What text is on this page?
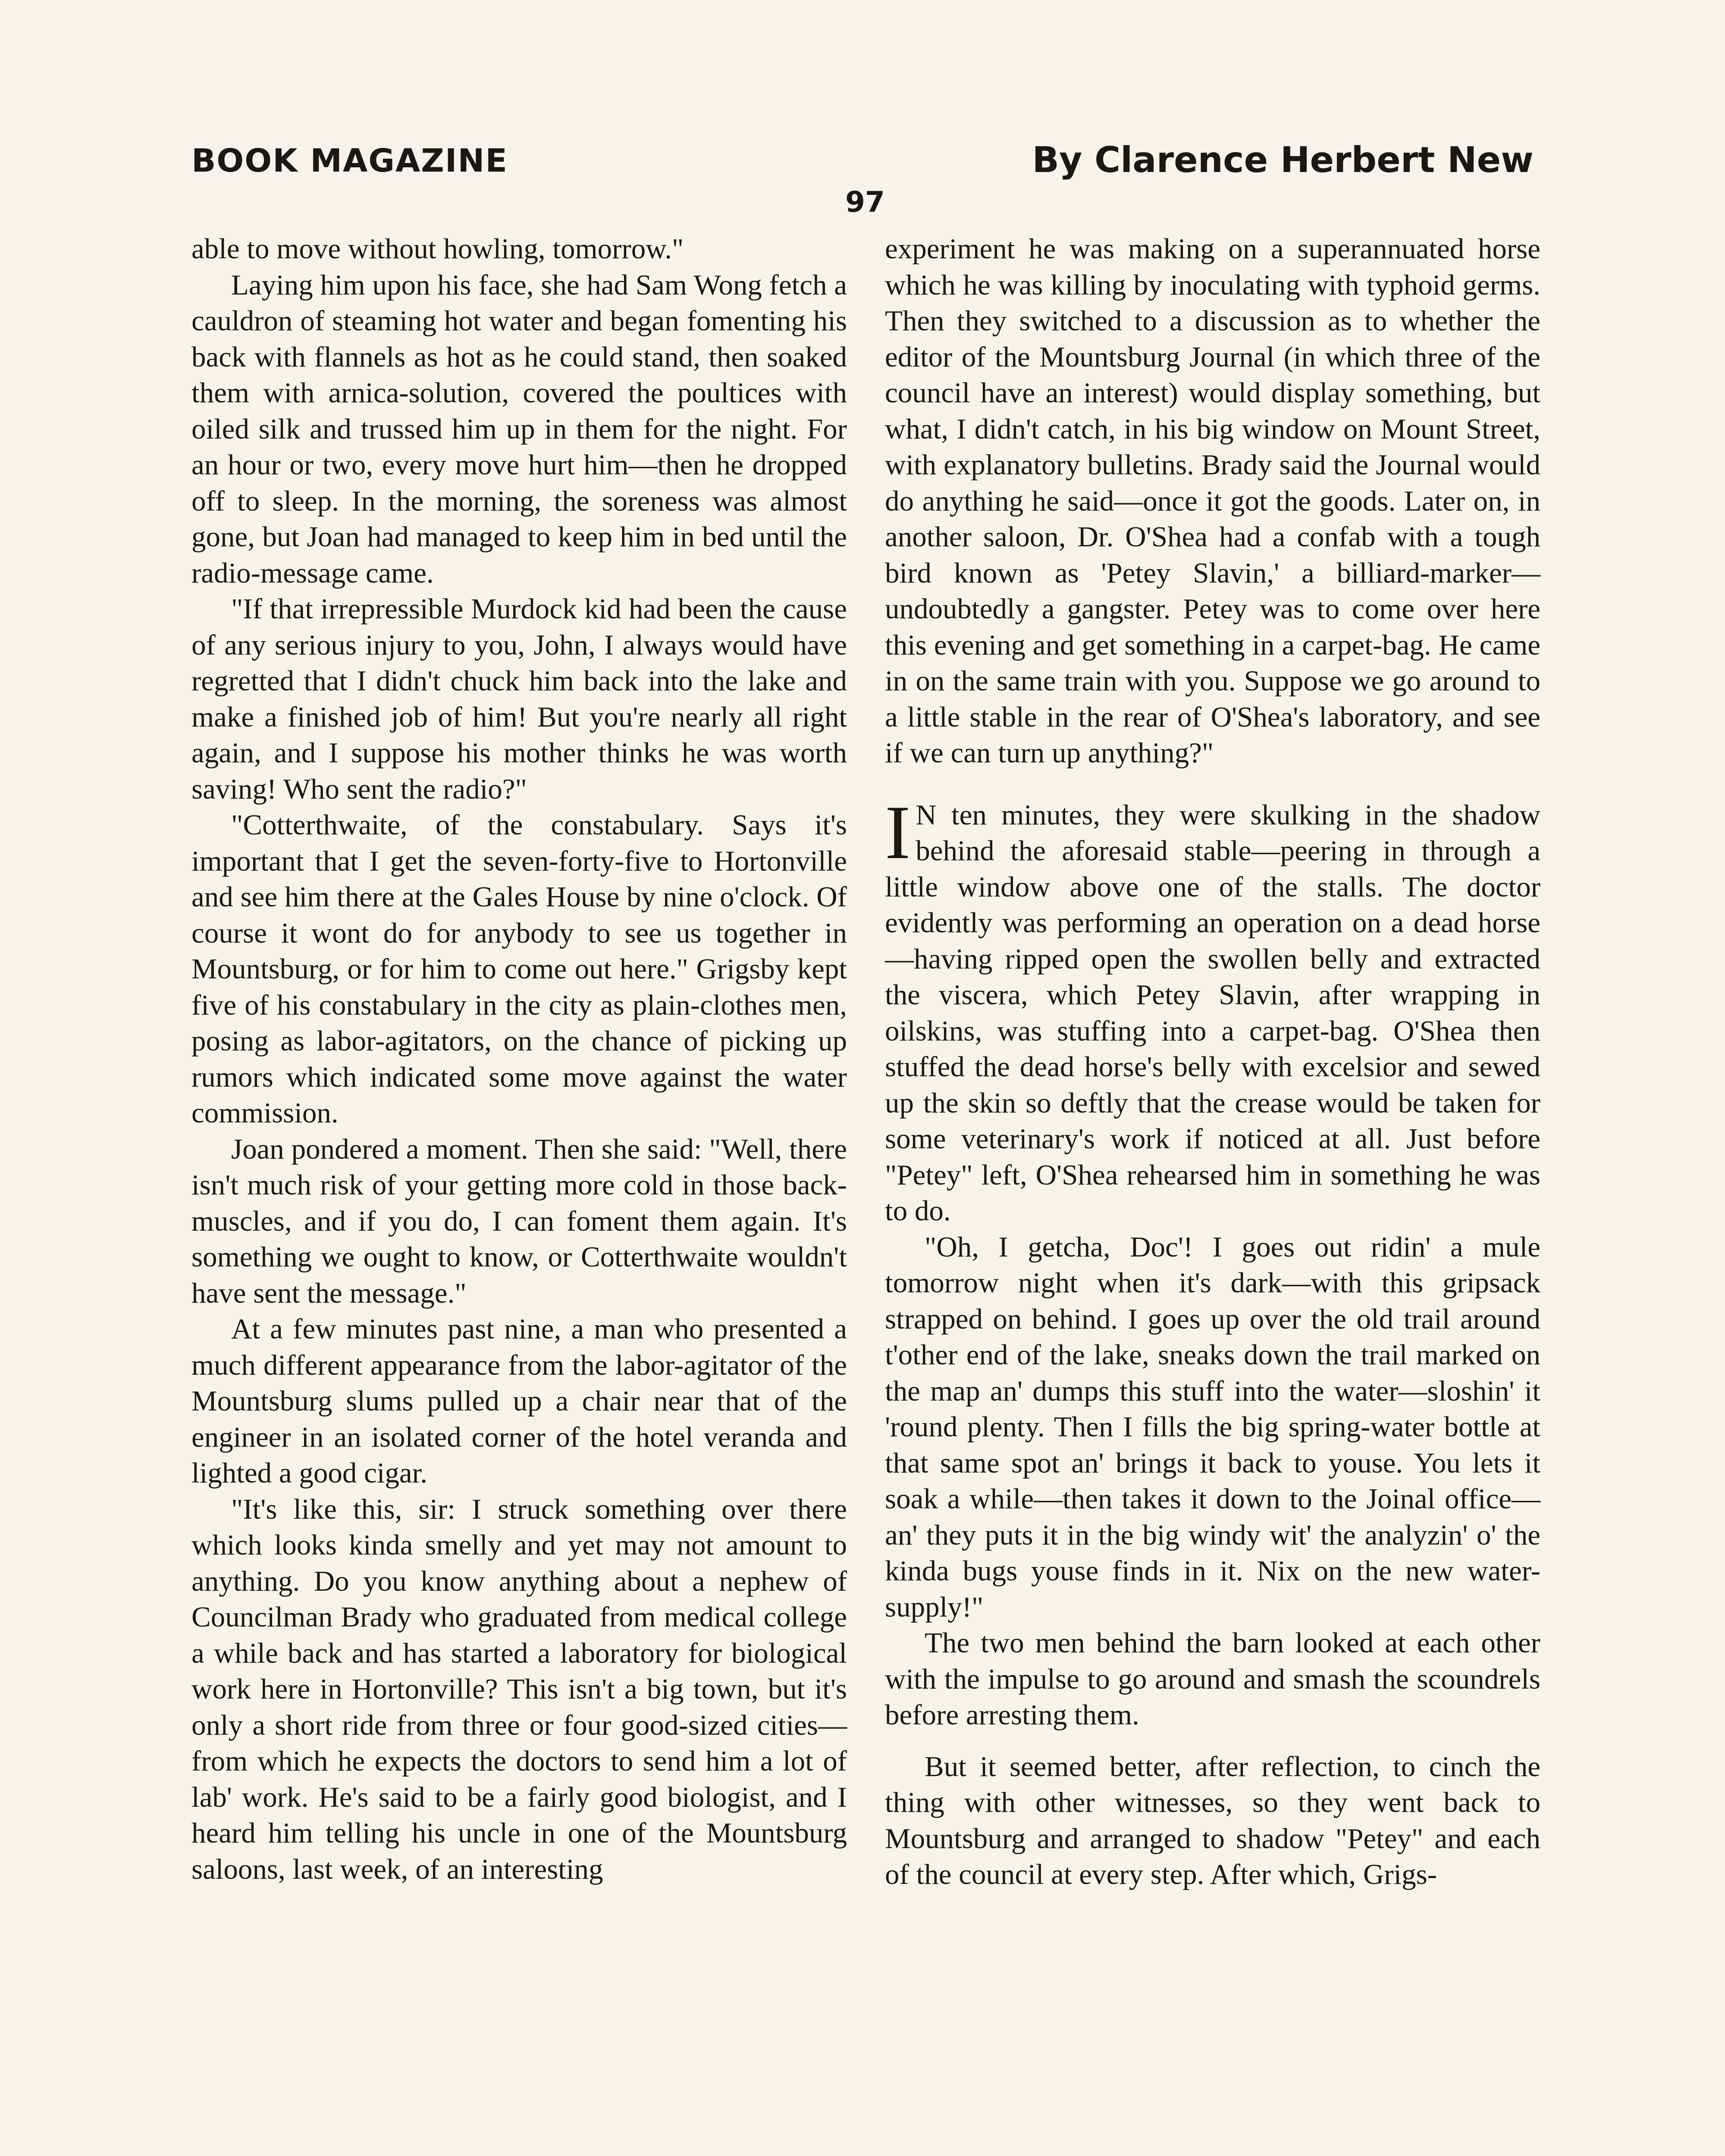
BOOK MAGAZINE	By Clarence Herbert New
97

able to move without howling, tomorrow."

Laying him upon his face, she had Sam Wong fetch a cauldron of steaming hot water and began fomenting his back with flannels as hot as he could stand, then soaked them with arnica-solution, covered the poultices with oiled silk and trussed him up in them for the night. For an hour or two, every move hurt him—then he dropped off to sleep. In the morning, the soreness was almost gone, but Joan had managed to keep him in bed until the radio-message came.

"If that irrepressible Murdock kid had been the cause of any serious injury to you, John, I always would have regretted that I didn't chuck him back into the lake and make a finished job of him! But you're nearly all right again, and I suppose his mother thinks he was worth saving! Who sent the radio?"

"Cotterthwaite, of the constabulary. Says it's important that I get the seven-forty-five to Hortonville and see him there at the Gales House by nine o'clock. Of course it wont do for anybody to see us together in Mountsburg, or for him to come out here." Grigsby kept five of his constabulary in the city as plain-clothes men, posing as labor-agitators, on the chance of picking up rumors which indicated some move against the water commission.

Joan pondered a moment. Then she said: "Well, there isn't much risk of your getting more cold in those back-muscles, and if you do, I can foment them again. It's something we ought to know, or Cotterthwaite wouldn't have sent the message."

At a few minutes past nine, a man who presented a much different appearance from the labor-agitator of the Mountsburg slums pulled up a chair near that of the engineer in an isolated corner of the hotel veranda and lighted a good cigar.

"It's like this, sir: I struck something over there which looks kinda smelly and yet may not amount to anything. Do you know anything about a nephew of Councilman Brady who graduated from medical college a while back and has started a laboratory for biological work here in Hortonville? This isn't a big town, but it's only a short ride from three or four good-sized cities—from which he expects the doctors to send him a lot of lab' work. He's said to be a fairly good biologist, and I heard him telling his uncle in one of the Mountsburg saloons, last week, of an interesting

experiment he was making on a superannuated horse which he was killing by inoculating with typhoid germs. Then they switched to a discussion as to whether the editor of the Mountsburg Journal (in which three of the council have an interest) would display something, but what, I didn't catch, in his big window on Mount Street, with explanatory bulletins. Brady said the Journal would do anything he said—once it got the goods. Later on, in another saloon, Dr. O'Shea had a confab with a tough bird known as 'Petey Slavin,' a billiard-marker—undoubtedly a gangster. Petey was to come over here this evening and get something in a carpet-bag. He came in on the same train with you. Suppose we go around to a little stable in the rear of O'Shea's laboratory, and see if we can turn up anything?"

I N ten minutes, they were skulking in the shadow behind the aforesaid stable—peering in through a little window above one of the stalls. The doctor evidently was performing an operation on a dead horse—having ripped open the swollen belly and extracted the viscera, which Petey Slavin, after wrapping in oilskins, was stuffing into a carpet-bag. O'Shea then stuffed the dead horse's belly with excelsior and sewed up the skin so deftly that the crease would be taken for some veterinary's work if noticed at all. Just before "Petey" left, O'Shea rehearsed him in something he was to do.

"Oh, I getcha, Doc'! I goes out ridin' a mule tomorrow night when it's dark—with this gripsack strapped on behind. I goes up over the old trail around t'other end of the lake, sneaks down the trail marked on the map an' dumps this stuff into the water—sloshin' it 'round plenty. Then I fills the big spring-water bottle at that same spot an' brings it back to youse. You lets it soak a while—then takes it down to the Joinal office—an' they puts it in the big windy wit' the analyzin' o' the kinda bugs youse finds in it. Nix on the new water-supply!"

The two men behind the barn looked at each other with the impulse to go around and smash the scoundrels before arresting them.

But it seemed better, after reflection, to cinch the thing with other witnesses, so they went back to Mountsburg and arranged to shadow "Petey" and each of the council at every step. After which, Grigs-
